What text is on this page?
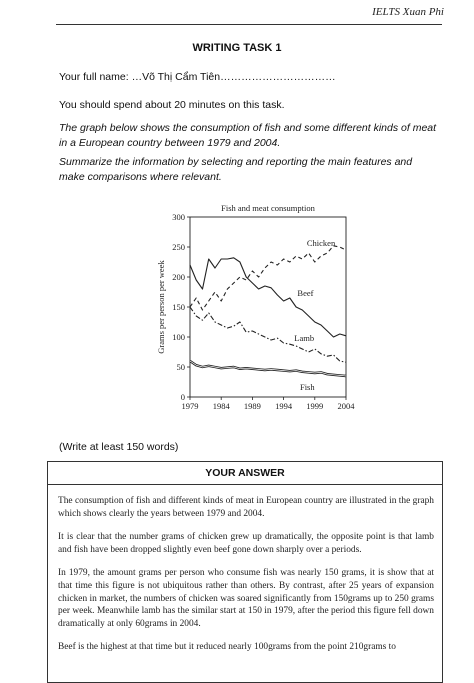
IELTS Xuan Phi
WRITING TASK 1
Your full name: …Võ Thị Cẩm Tiên……………………………
You should spend about 20 minutes on this task.
The graph below shows the consumption of fish and some different kinds of meat in a European country between 1979 and 2004.
Summarize the information by selecting and reporting the main features and make comparisons where relevant.
Fish and meat consumption
0
50
100
150
200
250
300
1979 1984 1989 1994 1999 2004
Grams per person per week
Chicken
Beef
Lamb
Fish
(Write at least 150 words)
YOUR ANSWER

The consumption of fish and different kinds of meat in European country are illustrated in the graph which shows clearly the years between 1979 and 2004.

It is clear that the number grams of chicken grew up dramatically, the opposite point is that lamb and fish have been dropped slightly even beef gone down sharply over a periods.

In 1979, the amount grams per person who consume fish was nearly 150 grams, it is show that at that time this figure is not ubiquitous rather than others. By contrast, after 25 years of expansion chicken in market, the numbers of chicken was soared significantly from 150grams up to 250 grams per week. Meanwhile lamb has the similar start at 150 in 1979, after the period this figure fell down dramatically at only 60grams in 2004.

Beef is the highest at that time but it reduced nearly 100grams from the point 210grams to
